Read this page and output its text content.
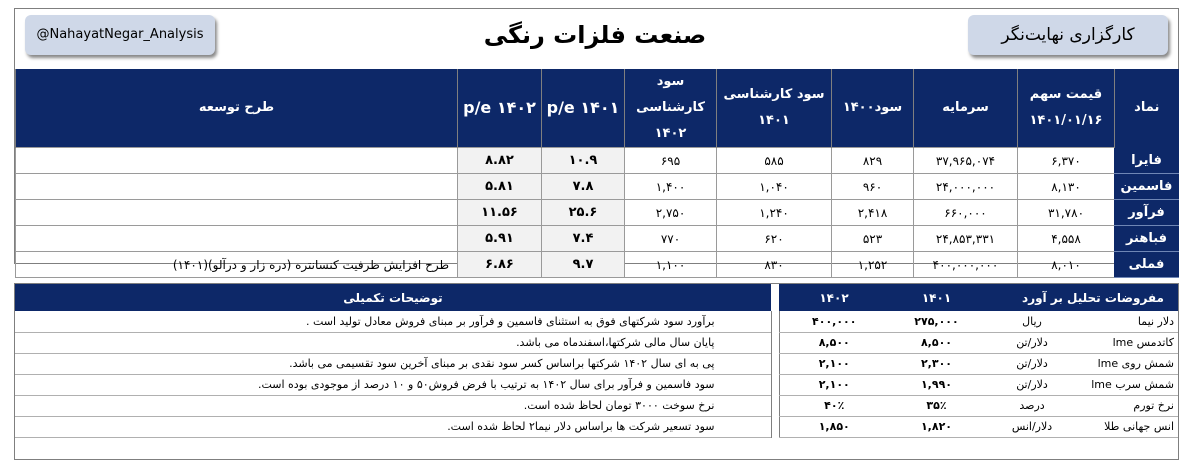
@NahayatNegar_Analysis	صنعت فلزات رنگی	کارگزاری نهایت‌نگر
نماد	قیمت سهم ۱۴۰۱/۰۱/۱۶	سرمایه	سود۱۴۰۰	سود کارشناسی ۱۴۰۱	سود کارشناسی ۱۴۰۲	p/e ۱۴۰۱	p/e ۱۴۰۲	طرح توسعه
فایرا	۶,۳۷۰	۳۷,۹۶۵,۰۷۴	۸۲۹	۵۸۵	۶۹۵	۱۰.۹	۸.۸۲	
فاسمین	۸,۱۳۰	۲۴,۰۰۰,۰۰۰	۹۶۰	۱,۰۴۰	۱,۴۰۰	۷.۸	۵.۸۱	
فرآور	۳۱,۷۸۰	۶۶۰,۰۰۰	۲,۴۱۸	۱,۲۴۰	۲,۷۵۰	۲۵.۶	۱۱.۵۶	
فباهنر	۴,۵۵۸	۲۴,۸۵۳,۳۳۱	۵۲۳	۶۲۰	۷۷۰	۷.۴	۵.۹۱	
فملی	۸,۰۱۰	۴۰۰,۰۰۰,۰۰۰	۱,۲۵۲	۸۳۰	۱,۱۰۰	۹.۷	۶.۸۶	طرح افزایش ظرفیت کنسانتره (دره زار و درآلو)(۱۴۰۱)
مفروضات تحلیل بر آورد		۱۴۰۱	۱۴۰۲		توضیحات تکمیلی
دلار نیما	ریال	۲۷۵,۰۰۰	۴۰۰,۰۰۰		برآورد سود شرکتهای فوق به استثنای فاسمین و فرآور بر مبنای فروش معادل تولید است .
کاتدمس lme	دلار/تن	۸,۵۰۰	۸,۵۰۰		پایان سال مالی شرکتها،اسفندماه می باشد.
شمش روی lme	دلار/تن	۲,۳۰۰	۲,۱۰۰		پی به ای سال ۱۴۰۲ شرکتها براساس کسر سود نقدی بر مبنای آخرین سود تقسیمی می باشد.
شمش سرب lme	دلار/تن	۱,۹۹۰	۲,۱۰۰		سود فاسمین و فرآور برای سال ۱۴۰۲ به ترتیب با فرض فروش۵۰ و ۱۰ درصد از موجودی بوده است.
نرخ تورم	درصد	۳۵٪	۴۰٪		نرخ سوخت ۳۰۰۰ تومان لحاظ شده است.
انس جهانی طلا	دلار/انس	۱,۸۲۰	۱,۸۵۰		سود تسعیر شرکت ها براساس دلار نیما۲ لحاظ شده است.
